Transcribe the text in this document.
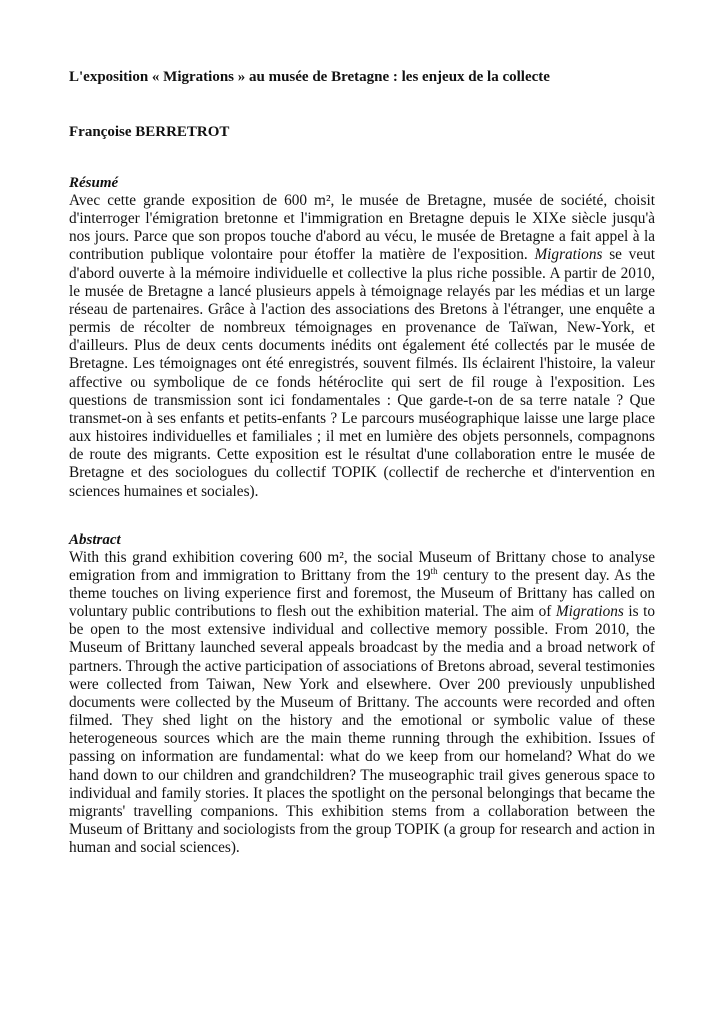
L'exposition « Migrations » au musée de Bretagne : les enjeux de la collecte

Françoise BERRETROT

Résumé

Avec cette grande exposition de 600 m², le musée de Bretagne, musée de société, choisit d'interroger l'émigration bretonne et l'immigration en Bretagne depuis le XIXe siècle jusqu'à nos jours. Parce que son propos touche d'abord au vécu, le musée de Bretagne a fait appel à la contribution publique volontaire pour étoffer la matière de l'exposition. Migrations se veut d'abord ouverte à la mémoire individuelle et collective la plus riche possible. A partir de 2010, le musée de Bretagne a lancé plusieurs appels à témoignage relayés par les médias et un large réseau de partenaires. Grâce à l'action des associations des Bretons à l'étranger, une enquête a permis de récolter de nombreux témoignages en provenance de Taïwan, New-York, et d'ailleurs. Plus de deux cents documents inédits ont également été collectés par le musée de Bretagne. Les témoignages ont été enregistrés, souvent filmés. Ils éclairent l'histoire, la valeur affective ou symbolique de ce fonds hétéroclite qui sert de fil rouge à l'exposition. Les questions de transmission sont ici fondamentales : Que garde-t-on de sa terre natale ? Que transmet-on à ses enfants et petits-enfants ? Le parcours muséographique laisse une large place aux histoires individuelles et familiales ; il met en lumière des objets personnels, compagnons de route des migrants. Cette exposition est le résultat d'une collaboration entre le musée de Bretagne et des sociologues du collectif TOPIK (collectif de recherche et d'intervention en sciences humaines et sociales).

Abstract

With this grand exhibition covering 600 m², the social Museum of Brittany chose to analyse emigration from and immigration to Brittany from the 19th century to the present day. As the theme touches on living experience first and foremost, the Museum of Brittany has called on voluntary public contributions to flesh out the exhibition material. The aim of Migrations is to be open to the most extensive individual and collective memory possible. From 2010, the Museum of Brittany launched several appeals broadcast by the media and a broad network of partners. Through the active participation of associations of Bretons abroad, several testimonies were collected from Taiwan, New York and elsewhere. Over 200 previously unpublished documents were collected by the Museum of Brittany. The accounts were recorded and often filmed. They shed light on the history and the emotional or symbolic value of these heterogeneous sources which are the main theme running through the exhibition. Issues of passing on information are fundamental: what do we keep from our homeland? What do we hand down to our children and grandchildren? The museographic trail gives generous space to individual and family stories. It places the spotlight on the personal belongings that became the migrants' travelling companions. This exhibition stems from a collaboration between the Museum of Brittany and sociologists from the group TOPIK (a group for research and action in human and social sciences).
